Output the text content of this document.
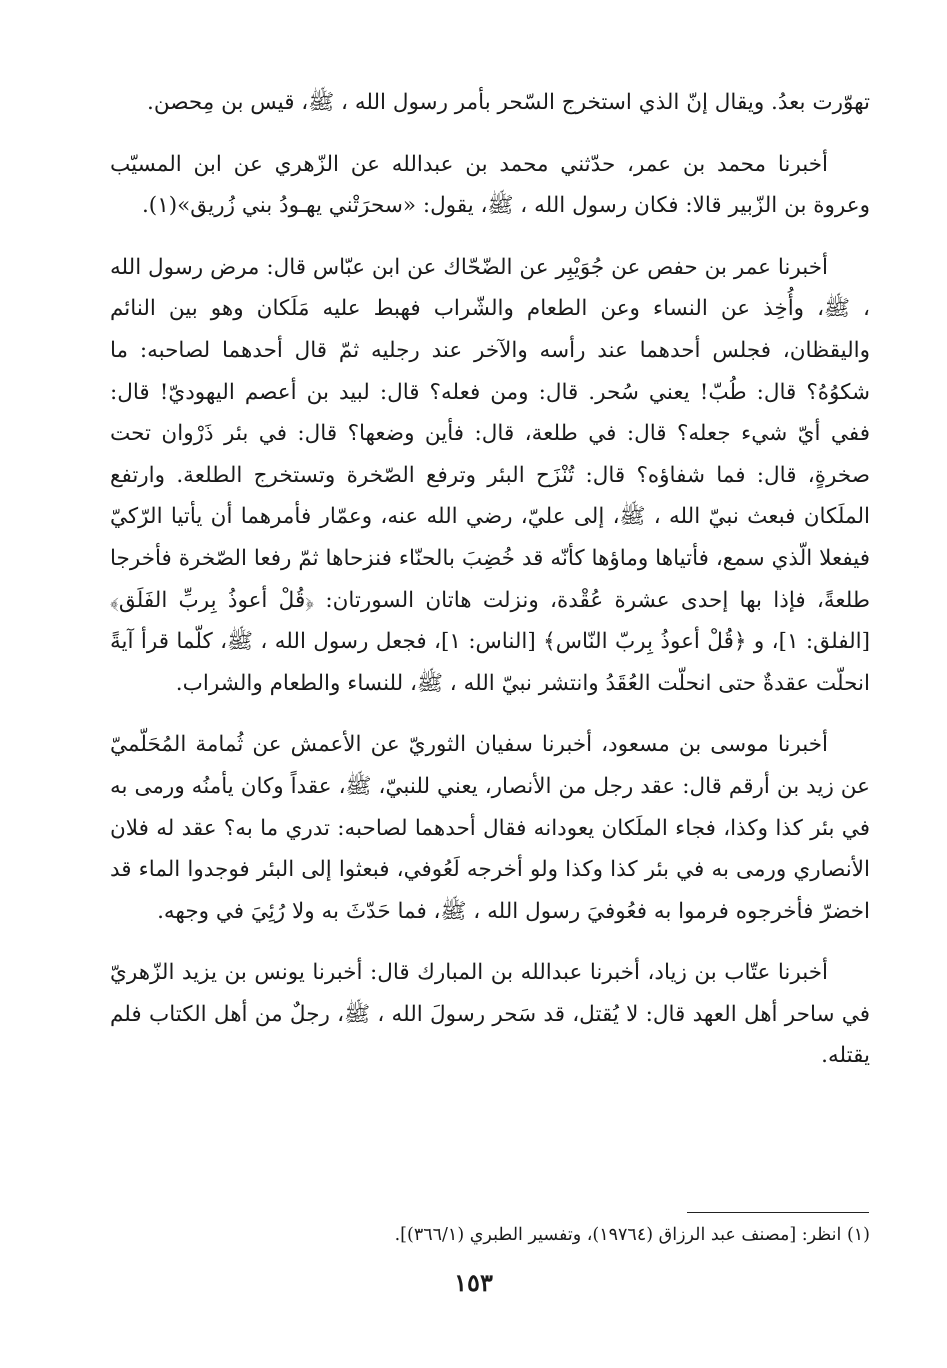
تهوّرت بعدُ. ويقال إنّ الذي استخرج السّحر بأمر رسول الله ، ﷺ، قيس بن مِحصن.

أخبرنا محمد بن عمر، حدّثني محمد بن عبدالله عن الزّهري عن ابن المسيّب وعروة بن الزّبير قالا: فكان رسول الله ، ﷺ، يقول: «سحرَتْني يهـودُ بني زُريق»(١).

أخبرنا عمر بن حفص عن جُوَيْبِر عن الضّحّاك عن ابن عبّاس قال: مرض رسول الله ، ﷺ، وأُخِذ عن النساء وعن الطعام والشّراب فهبط عليه مَلَكان وهو بين النائم واليقظان، فجلس أحدهما عند رأسه والآخر عند رجليه ثمّ قال أحدهما لصاحبه: ما شكوُهُ؟ قال: طُبّ! يعني سُحر. قال: ومن فعله؟ قال: لبيد بن أعصم اليهوديّ! قال: ففي أيّ شيء جعله؟ قال: في طلعة، قال: فأين وضعها؟ قال: في بئر ذَرْوان تحت صخرةٍ، قال: فما شفاؤه؟ قال: تُنْزَح البئر وترفع الصّخرة وتستخرج الطلعة. وارتفع الملَكان فبعث نبيّ الله ، ﷺ، إلى عليّ، رضي الله عنه، وعمّار فأمرهما أن يأتيا الرّكيّ فيفعلا الّذي سمع، فأتياها وماؤها كأنّه قد خُضِبَ بالحنّاء فنزحاها ثمّ رفعا الصّخرة فأخرجا طلعةً، فإذا بها إحدى عشرة عُقْدة، ونزلت هاتان السورتان: ﴿قُلْ أعوذُ بِربِّ الفَلَق﴾ [الفلق: ١]، و ﴿قُلْ أعوذُ بِربّ النّاس﴾ [الناس: ١]، فجعل رسول الله ، ﷺ، كلّما قرأ آيةً انحلّت عقدةٌ حتى انحلّت العُقَدُ وانتشر نبيّ الله ، ﷺ، للنساء والطعام والشراب.

أخبرنا موسى بن مسعود، أخبرنا سفيان الثوريّ عن الأعمش عن ثُمامة المُحَلّميّ عن زيد بن أرقم قال: عقد رجل من الأنصار، يعني للنبيّ، ﷺ، عقداً وكان يأمنُه ورمى به في بئر كذا وكذا، فجاء الملَكان يعودانه فقال أحدهما لصاحبه: تدري ما به؟ عقد له فلان الأنصاري ورمى به في بئر كذا وكذا ولو أخرجه لَعُوفي، فبعثوا إلى البئر فوجدوا الماء قد اخضرّ فأخرجوه فرموا به فعُوفيَ رسول الله ، ﷺ، فما حَدّثَ به ولا رُئِيَ في وجهه.

أخبرنا عتّاب بن زياد، أخبرنا عبدالله بن المبارك قال: أخبرنا يونس بن يزيد الزّهريّ في ساحر أهل العهد قال: لا يُقتل، قد سَحر رسولَ الله ، ﷺ، رجلٌ من أهل الكتاب فلم يقتله.

(١) انظر: [مصنف عبد الرزاق (١٩٧٦٤)، وتفسير الطبري (٣٦٦/١)].
١٥٣
